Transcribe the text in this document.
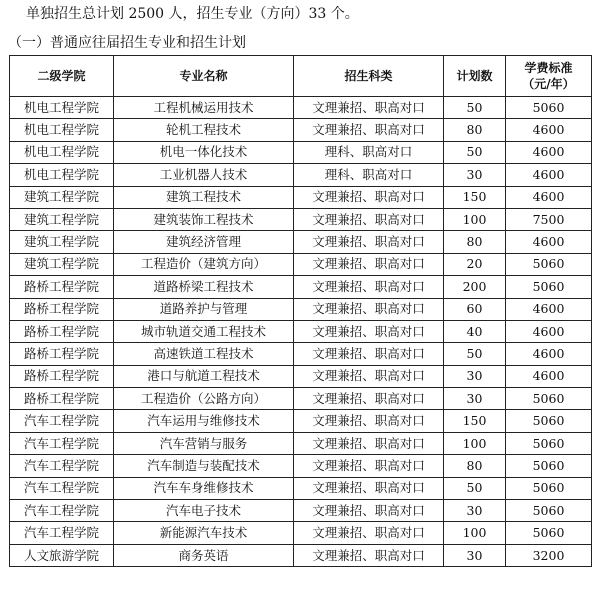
单独招生总计划 2500 人，招生专业（方向）33 个。
（一）普通应往届招生专业和招生计划
二级学院	专业名称	招生科类	计划数	学费标准
（元/年）

机电工程学院	工程机械运用技术	文理兼招、职高对口	50	5060
机电工程学院	轮机工程技术	文理兼招、职高对口	80	4600
机电工程学院	机电一体化技术	理科、职高对口	50	4600
机电工程学院	工业机器人技术	理科、职高对口	30	4600
建筑工程学院	建筑工程技术	文理兼招、职高对口	150	4600
建筑工程学院	建筑装饰工程技术	文理兼招、职高对口	100	7500
建筑工程学院	建筑经济管理	文理兼招、职高对口	80	4600
建筑工程学院	工程造价（建筑方向）	文理兼招、职高对口	20	5060
路桥工程学院	道路桥梁工程技术	文理兼招、职高对口	200	5060
路桥工程学院	道路养护与管理	文理兼招、职高对口	60	4600
路桥工程学院	城市轨道交通工程技术	文理兼招、职高对口	40	4600
路桥工程学院	高速铁道工程技术	文理兼招、职高对口	50	4600
路桥工程学院	港口与航道工程技术	文理兼招、职高对口	30	4600
路桥工程学院	工程造价（公路方向）	文理兼招、职高对口	30	5060
汽车工程学院	汽车运用与维修技术	文理兼招、职高对口	150	5060
汽车工程学院	汽车营销与服务	文理兼招、职高对口	100	5060
汽车工程学院	汽车制造与装配技术	文理兼招、职高对口	80	5060
汽车工程学院	汽车车身维修技术	文理兼招、职高对口	50	5060
汽车工程学院	汽车电子技术	文理兼招、职高对口	30	5060
汽车工程学院	新能源汽车技术	文理兼招、职高对口	100	5060
人文旅游学院	商务英语	文理兼招、职高对口	30	3200
